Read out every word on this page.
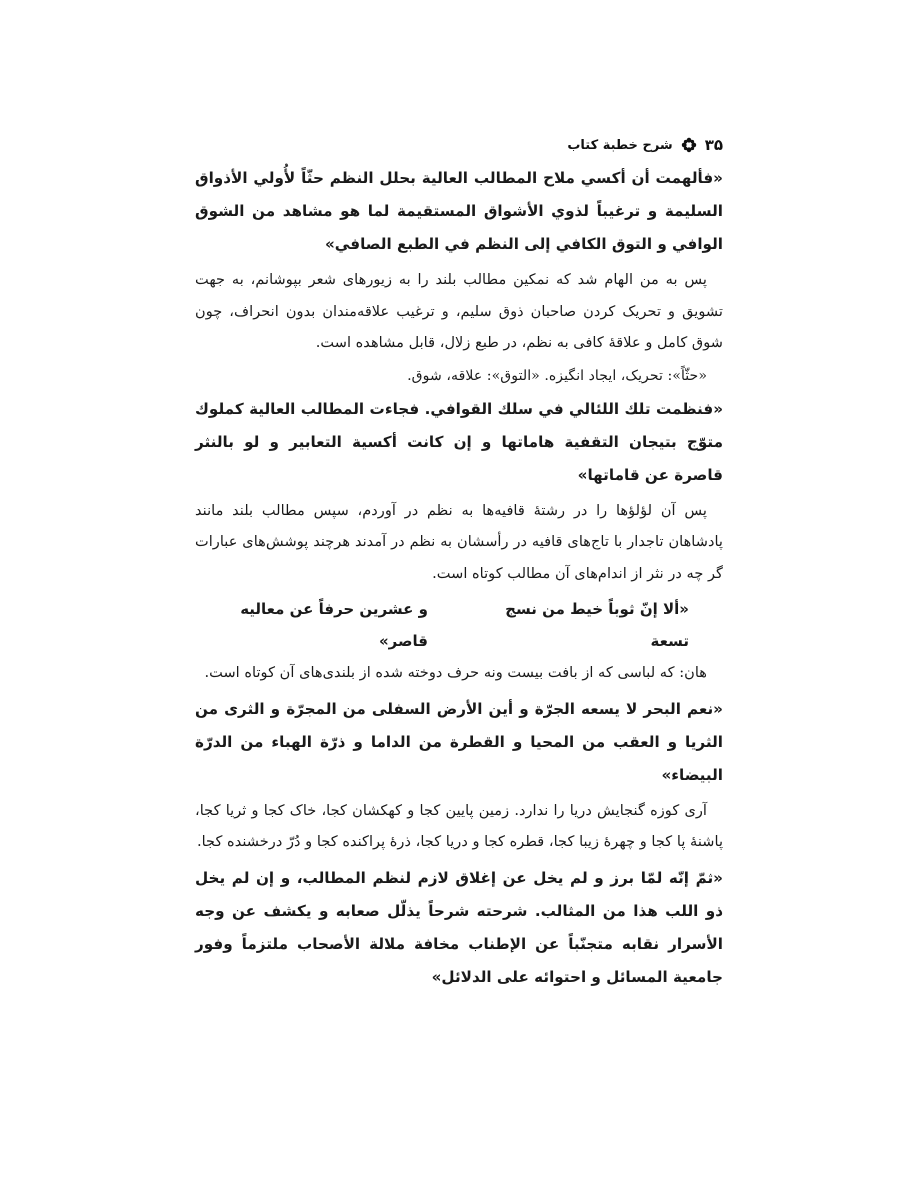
۳۵
شرح خطبة کتاب

«فألهمت أن أکسي ملاح المطالب العالیة بحلل النظم حثّاً لأُولي الأذواق السلیمة و ترغیباً لذوي الأشواق المستقیمة لما هو مشاهد من الشوق الوافي و التوق الکافي إلی النظم في الطبع الصافي»

پس به من الهام شد که نمکین مطالب بلند را به زیورهای شعر بپوشانم، به جهت تشویق و تحریک کردن صاحبان ذوق سلیم، و ترغیب علاقه‌مندان بدون انحراف، چون شوق کامل و علاقهٔ کافی به نظم، در طبع زلال، قابل مشاهده است.

«حثّاً»: تحریک، ایجاد انگیزه. «التوق»: علاقه، شوق.

«فنظمت تلك اللئالي في سلك القوافي. فجاءت المطالب العالیة کملوك متوّج بتیجان التقفیة هاماتها و إن کانت أکسیة التعابیر و لو بالنثر قاصرة عن قاماتها»

پس آن لؤلؤها را در رشتهٔ قافیه‌ها به نظم در آوردم، سپس مطالب بلند مانند پادشاهان تاجدار با تاج‌های قافیه در رأسشان به نظم در آمدند هرچند پوشش‌های عبارات گر چه در نثر از اندام‌های آن مطالب کوتاه است.

«ألا إنّ ثوباً خیط من نسج تسعة
و عشرین حرفاً عن معالیه قاصر»

هان: که لباسی که از بافت بیست ونه حرف دوخته شده از بلندی‌های آن کوتاه است.

«نعم البحر لا یسعه الجرّة و أین الأرض السفلی من المجرّة و الثری من الثریا و العقب من المحیا و القطرة من الداما و ذرّة الهباء من الدرّة البیضاء»

آری کوزه گنجایش دریا را ندارد. زمین پایین کجا و کهکشان کجا، خاک کجا و ثریا کجا، پاشنهٔ پا کجا و چهرهٔ زیبا کجا، قطره کجا و دریا کجا، ذرهٔ پراکنده کجا و دُرّ درخشنده کجا.

«ثمّ إنّه لمّا برز و لم یخل عن إغلاق لازم لنظم المطالب، و إن لم یخل ذو اللب هذا من المثالب. شرحته شرحاً یذلّل صعابه و یکشف عن وجه الأسرار نقابه متجنّباً عن الإطناب مخافة ملالة الأصحاب ملتزماً وفور جامعیة المسائل و احتوائه علی الدلائل»
